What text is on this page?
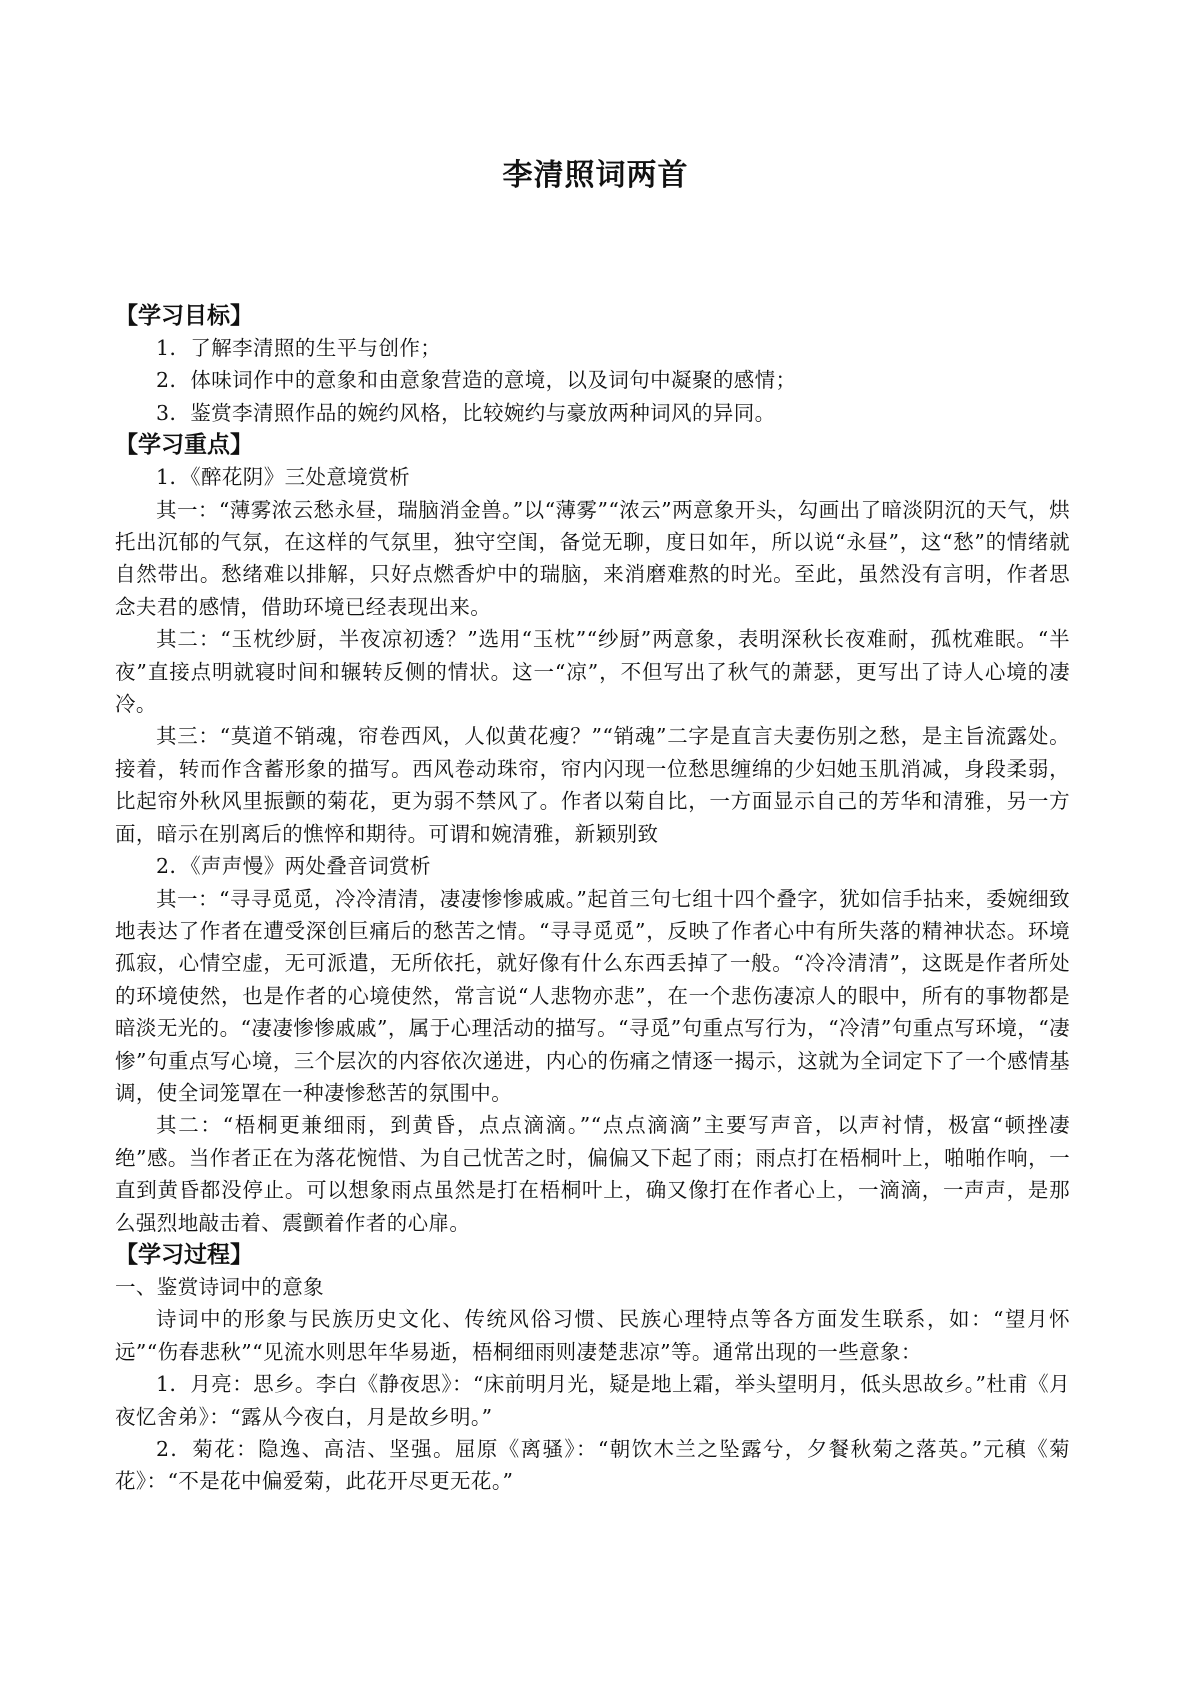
李清照词两首
【学习目标】
1．了解李清照的生平与创作；
2．体味词作中的意象和由意象营造的意境，以及词句中凝聚的感情；
3．鉴赏李清照作品的婉约风格，比较婉约与豪放两种词风的异同。
【学习重点】
1．《醉花阴》三处意境赏析
其一：“薄雾浓云愁永昼，瑞脑消金兽。”以“薄雾”“浓云”两意象开头，勾画出了暗淡阴沉的天气，烘托出沉郁的气氛，在这样的气氛里，独守空闺，备觉无聊，度日如年，所以说“永昼”，这“愁”的情绪就自然带出。愁绪难以排解，只好点燃香炉中的瑞脑，来消磨难熬的时光。至此，虽然没有言明，作者思念夫君的感情，借助环境已经表现出来。
其二：“玉枕纱厨，半夜凉初透？”选用“玉枕”“纱厨”两意象，表明深秋长夜难耐，孤枕难眠。“半夜”直接点明就寝时间和辗转反侧的情状。这一“凉”，不但写出了秋气的萧瑟，更写出了诗人心境的凄冷。
其三：“莫道不销魂，帘卷西风，人似黄花瘦？”“销魂”二字是直言夫妻伤别之愁，是主旨流露处。接着，转而作含蓄形象的描写。西风卷动珠帘，帘内闪现一位愁思缠绵的少妇她玉肌消减，身段柔弱，比起帘外秋风里振颤的菊花，更为弱不禁风了。作者以菊自比，一方面显示自己的芳华和清雅，另一方面，暗示在别离后的憔悴和期待。可谓和婉清雅，新颖别致
2．《声声慢》两处叠音词赏析
其一：“寻寻觅觅，冷冷清清，凄凄惨惨戚戚。”起首三句七组十四个叠字，犹如信手拈来，委婉细致地表达了作者在遭受深创巨痛后的愁苦之情。“寻寻觅觅”，反映了作者心中有所失落的精神状态。环境孤寂，心情空虚，无可派遣，无所依托，就好像有什么东西丢掉了一般。“冷冷清清”，这既是作者所处的环境使然，也是作者的心境使然，常言说“人悲物亦悲”，在一个悲伤凄凉人的眼中，所有的事物都是暗淡无光的。“凄凄惨惨戚戚”，属于心理活动的描写。“寻觅”句重点写行为，“冷清”句重点写环境，“凄惨”句重点写心境，三个层次的内容依次递进，内心的伤痛之情逐一揭示，这就为全词定下了一个感情基调，使全词笼罩在一种凄惨愁苦的氛围中。
其二：“梧桐更兼细雨，到黄昏，点点滴滴。”“点点滴滴”主要写声音，以声衬情，极富“顿挫凄绝”感。当作者正在为落花惋惜、为自己忧苦之时，偏偏又下起了雨；雨点打在梧桐叶上，啪啪作响，一直到黄昏都没停止。可以想象雨点虽然是打在梧桐叶上，确又像打在作者心上，一滴滴，一声声，是那么强烈地敲击着、震颤着作者的心扉。
【学习过程】
一、鉴赏诗词中的意象
诗词中的形象与民族历史文化、传统风俗习惯、民族心理特点等各方面发生联系，如：“望月怀远”“伤春悲秋”“见流水则思年华易逝，梧桐细雨则凄楚悲凉”等。通常出现的一些意象：
1．月亮：思乡。李白《静夜思》：“床前明月光，疑是地上霜，举头望明月，低头思故乡。”杜甫《月夜忆舍弟》：“露从今夜白，月是故乡明。”
2．菊花：隐逸、高洁、坚强。屈原《离骚》：“朝饮木兰之坠露兮，夕餐秋菊之落英。”元稹《菊花》：“不是花中偏爱菊，此花开尽更无花。”
